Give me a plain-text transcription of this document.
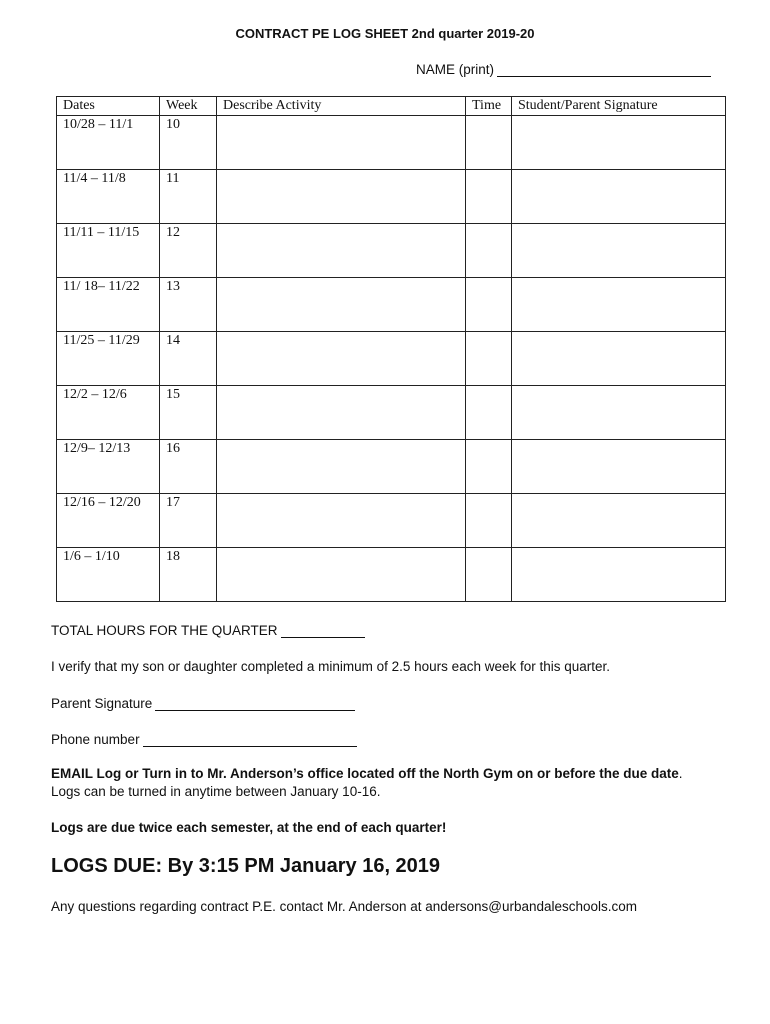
CONTRACT PE LOG SHEET 2nd quarter 2019-20
NAME (print)
Dates	Week	Describe Activity	Time	Student/Parent Signature
10/28 – 11/1	10			
11/4 – 11/8	11			
11/11 – 11/15	12			
11/ 18– 11/22	13			
11/25 – 11/29	14			
12/2 – 12/6	15			
12/9– 12/13	16			
12/16 – 12/20	17			
1/6 – 1/10	18			
TOTAL HOURS FOR THE QUARTER
I verify that my son or daughter completed a minimum of 2.5 hours each week for this quarter.
Parent Signature
Phone number
EMAIL Log or Turn in to Mr. Anderson’s office located off the North Gym on or before the due date. Logs can be turned in anytime between January 10-16.
Logs are due twice each semester, at the end of each quarter!
LOGS DUE: By 3:15 PM January 16, 2019
Any questions regarding contract P.E. contact Mr. Anderson at andersons@urbandaleschools.com
